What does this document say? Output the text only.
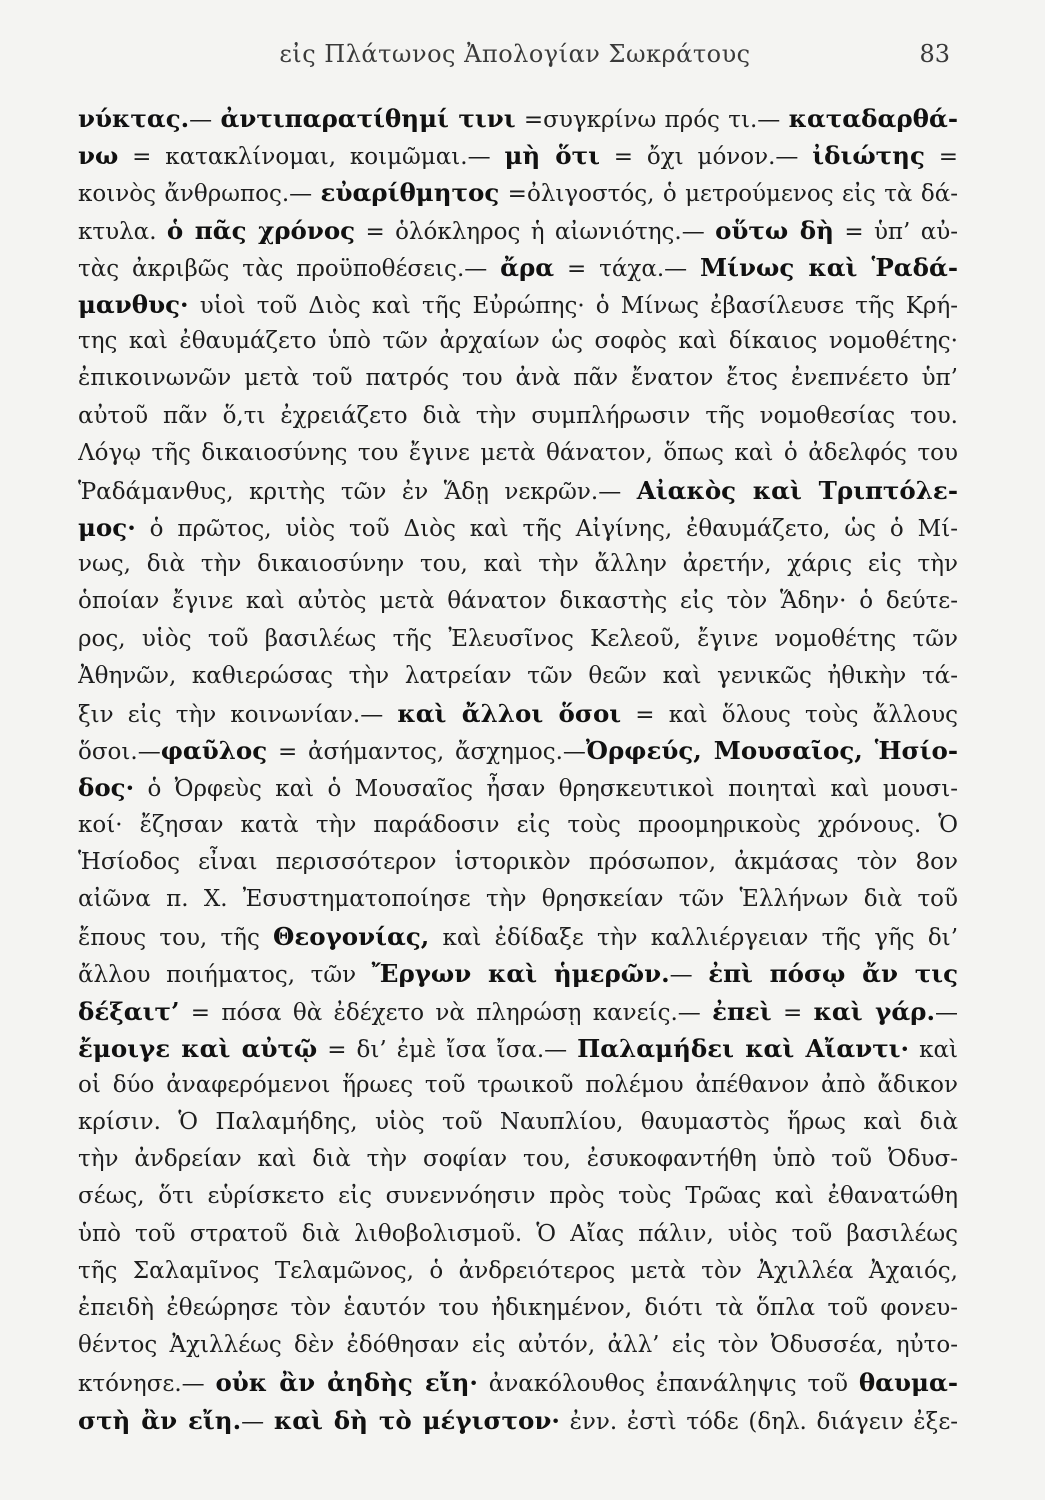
εἰς Πλάτωνος Ἀπολογίαν Σωκράτους	83
νύκτας.— ἀντιπαρατίθημί τινι =συγκρίνω πρός τι.— καταδαρθά-
νω = κατακλίνομαι, κοιμῶμαι.— μὴ ὅτι = ὄχι μόνον.— ἰδιώτης =
κοινὸς ἄνθρωπος.— εὐαρίθμητος =ὀλιγοστός, ὁ μετρούμενος εἰς τὰ δά-
κτυλα. ὁ πᾶς χρόνος = ὁλόκληρος ἡ αἰωνιότης.— οὕτω δὴ = ὑπ’ αὐ-
τὰς ἀκριβῶς τὰς προϋποθέσεις.— ἄρα = τάχα.— Μίνως καὶ Ῥαδά-
μανθυς· υἱοὶ τοῦ Διὸς καὶ τῆς Εὐρώπης· ὁ Μίνως ἐβασίλευσε τῆς Κρή-
της καὶ ἐθαυμάζετο ὑπὸ τῶν ἀρχαίων ὡς σοφὸς καὶ δίκαιος νομοθέτης·
ἐπικοινωνῶν μετὰ τοῦ πατρός του ἀνὰ πᾶν ἔνατον ἔτος ἐνεπνέετο ὑπ’
αὐτοῦ πᾶν ὅ,τι ἐχρειάζετο διὰ τὴν συμπλήρωσιν τῆς νομοθεσίας του.
Λόγῳ τῆς δικαιοσύνης του ἔγινε μετὰ θάνατον, ὅπως καὶ ὁ ἀδελφός του
Ῥαδάμανθυς, κριτὴς τῶν ἐν Ἅδῃ νεκρῶν.— Αἰακὸς καὶ Τριπτόλε-
μος· ὁ πρῶτος, υἱὸς τοῦ Διὸς καὶ τῆς Αἰγίνης, ἐθαυμάζετο, ὡς ὁ Μί-
νως, διὰ τὴν δικαιοσύνην του, καὶ τὴν ἄλλην ἀρετήν, χάρις εἰς τὴν
ὁποίαν ἔγινε καὶ αὐτὸς μετὰ θάνατον δικαστὴς εἰς τὸν Ἅδην· ὁ δεύτε-
ρος, υἱὸς τοῦ βασιλέως τῆς Ἐλευσῖνος Κελεοῦ, ἔγινε νομοθέτης τῶν
Ἀθηνῶν, καθιερώσας τὴν λατρείαν τῶν θεῶν καὶ γενικῶς ἠθικὴν τά-
ξιν εἰς τὴν κοινωνίαν.— καὶ ἄλλοι ὅσοι = καὶ ὅλους τοὺς ἄλλους
ὅσοι.—φαῦλος = ἀσήμαντος, ἄσχημος.—Ὀρφεύς, Μουσαῖος, Ἡσίο-
δος· ὁ Ὀρφεὺς καὶ ὁ Μουσαῖος ἦσαν θρησκευτικοὶ ποιηταὶ καὶ μουσι-
κοί· ἔζησαν κατὰ τὴν παράδοσιν εἰς τοὺς προομηρικοὺς χρόνους. Ὁ
Ἡσίοδος εἶναι περισσότερον ἱστορικὸν πρόσωπον, ἀκμάσας τὸν 8ον
αἰῶνα π. Χ. Ἐσυστηματοποίησε τὴν θρησκείαν τῶν Ἑλλήνων διὰ τοῦ
ἔπους του, τῆς Θεογονίας, καὶ ἐδίδαξε τὴν καλλιέργειαν τῆς γῆς δι’
ἄλλου ποιήματος, τῶν Ἔργων καὶ ἡμερῶν.— ἐπὶ πόσῳ ἄν τις
δέξαιτ’ = πόσα θὰ ἐδέχετο νὰ πληρώσῃ κανείς.— ἐπεὶ = καὶ γάρ.—
ἔμοιγε καὶ αὐτῷ = δι’ ἐμὲ ἴσα ἴσα.— Παλαμήδει καὶ Αἴαντι· καὶ
οἱ δύο ἀναφερόμενοι ἥρωες τοῦ τρωικοῦ πολέμου ἀπέθανον ἀπὸ ἄδικον
κρίσιν. Ὁ Παλαμήδης, υἱὸς τοῦ Ναυπλίου, θαυμαστὸς ἥρως καὶ διὰ
τὴν ἀνδρείαν καὶ διὰ τὴν σοφίαν του, ἐσυκοφαντήθη ὑπὸ τοῦ Ὀδυσ-
σέως, ὅτι εὑρίσκετο εἰς συνεννόησιν πρὸς τοὺς Τρῶας καὶ ἐθανατώθη
ὑπὸ τοῦ στρατοῦ διὰ λιθοβολισμοῦ. Ὁ Αἴας πάλιν, υἱὸς τοῦ βασιλέως
τῆς Σαλαμῖνος Τελαμῶνος, ὁ ἀνδρειότερος μετὰ τὸν Ἀχιλλέα Ἀχαιός,
ἐπειδὴ ἐθεώρησε τὸν ἑαυτόν του ἠδικημένον, διότι τὰ ὅπλα τοῦ φονευ-
θέντος Ἀχιλλέως δὲν ἐδόθησαν εἰς αὐτόν, ἀλλ’ εἰς τὸν Ὀδυσσέα, ηὐτο-
κτόνησε.— οὐκ ἂν ἀηδὴς εἴη· ἀνακόλουθος ἐπανάληψις τοῦ θαυμα-
στὴ ἂν εἴη.— καὶ δὴ τὸ μέγιστον· ἐνν. ἐστὶ τόδε (δηλ. διάγειν ἐξε-
